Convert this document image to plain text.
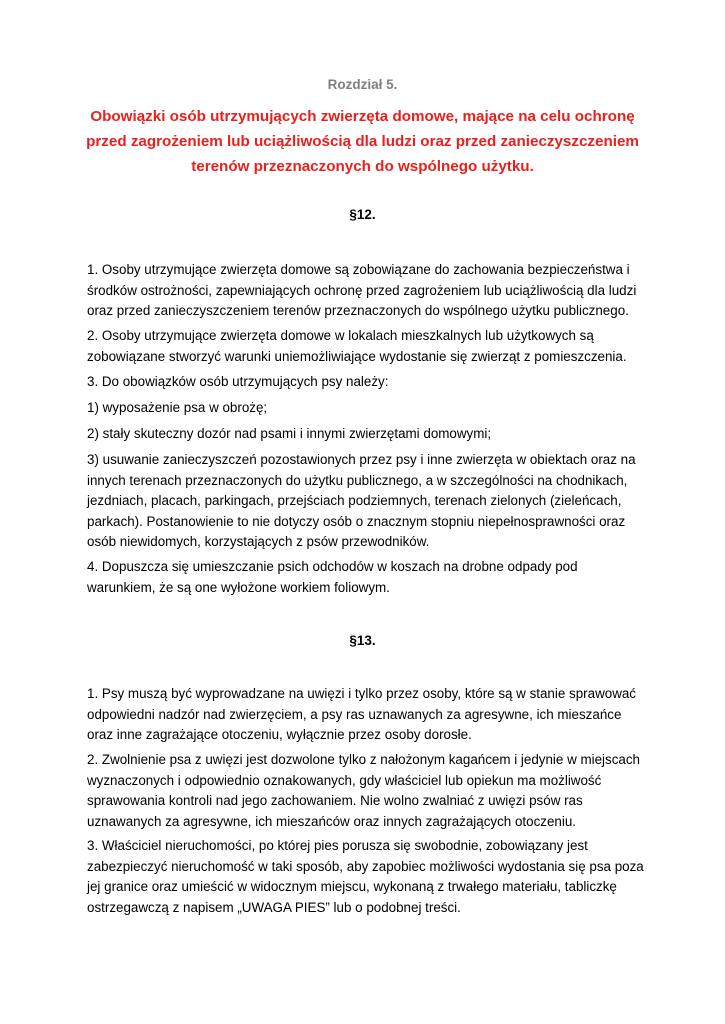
Rozdział 5.
Obowiązki osób utrzymujących zwierzęta domowe, mające na celu ochronę
przed zagrożeniem lub uciążliwością dla ludzi oraz przed zanieczyszczeniem
terenów przeznaczonych do wspólnego użytku.
§12.
1. Osoby utrzymujące zwierzęta domowe są zobowiązane do zachowania bezpieczeństwa i
środków ostrożności, zapewniających ochronę przed zagrożeniem lub uciążliwością dla ludzi
oraz przed zanieczyszczeniem terenów przeznaczonych do wspólnego użytku publicznego.
2. Osoby utrzymujące zwierzęta domowe w lokalach mieszkalnych lub użytkowych są
zobowiązane stworzyć warunki uniemożliwiające wydostanie się zwierząt z pomieszczenia.
3. Do obowiązków osób utrzymujących psy należy:
1) wyposażenie psa w obrożę;
2) stały skuteczny dozór nad psami i innymi zwierzętami domowymi;
3) usuwanie zanieczyszczeń pozostawionych przez psy i inne zwierzęta w obiektach oraz na
innych terenach przeznaczonych do użytku publicznego, a w szczególności na chodnikach,
jezdniach, placach, parkingach, przejściach podziemnych, terenach zielonych (zieleńcach,
parkach). Postanowienie to nie dotyczy osób o znacznym stopniu niepełnosprawności oraz
osób niewidomych, korzystających z psów przewodników.
4. Dopuszcza się umieszczanie psich odchodów w koszach na drobne odpady pod
warunkiem, że są one wyłożone workiem foliowym.
§13.
1. Psy muszą być wyprowadzane na uwięzi i tylko przez osoby, które są w stanie sprawować
odpowiedni nadzór nad zwierzęciem, a psy ras uznawanych za agresywne, ich mieszańce
oraz inne zagrażające otoczeniu, wyłącznie przez osoby dorosłe.
2. Zwolnienie psa z uwięzi jest dozwolone tylko z nałożonym kagańcem i jedynie w miejscach
wyznaczonych i odpowiednio oznakowanych, gdy właściciel lub opiekun ma możliwość
sprawowania kontroli nad jego zachowaniem. Nie wolno zwalniać z uwięzi psów ras
uznawanych za agresywne, ich mieszańców oraz innych zagrażających otoczeniu.
3. Właściciel nieruchomości, po której pies porusza się swobodnie, zobowiązany jest
zabezpieczyć nieruchomość w taki sposób, aby zapobiec możliwości wydostania się psa poza
jej granice oraz umieścić w widocznym miejscu, wykonaną z trwałego materiału, tabliczkę
ostrzegawczą z napisem „UWAGA PIES” lub o podobnej treści.
